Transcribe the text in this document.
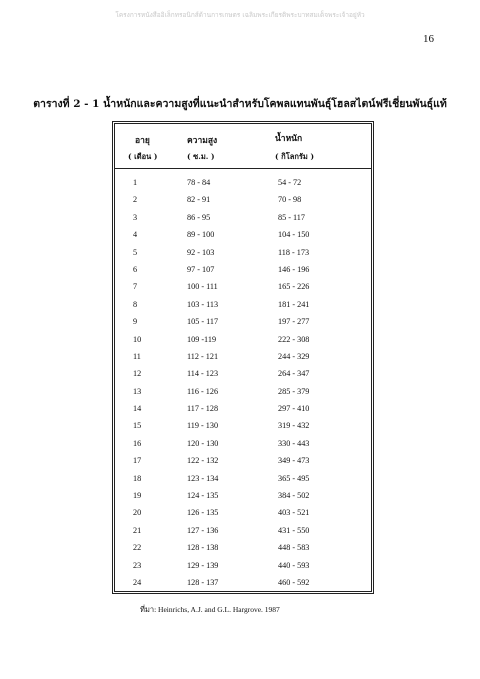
โครงการหนังสืออิเล็กทรอนิกส์ด้านการเกษตร เฉลิมพระเกียรติพระบาทสมเด็จพระเจ้าอยู่หัว
16
ตารางที่ 2 - 1 น้ำหนักและความสูงที่แนะนำสำหรับโคพลแทนพันธุ์โฮลสไตน์ฟรีเชี่ยนพันธุ์แท้
อายุ	ความสูง	น้ำหนัก
( เดือน )	( ซ.ม. )	( กิโลกรัม )
1	78 - 84	54 - 72
2	82 - 91	70 - 98
3	86 - 95	85 - 117
4	89 - 100	104 - 150
5	92 - 103	118 - 173
6	97 - 107	146 - 196
7	100 - 111	165 - 226
8	103 - 113	181 - 241
9	105 - 117	197 - 277
10	109 -119	222 - 308
11	112 - 121	244 - 329
12	114 - 123	264 - 347
13	116 - 126	285 - 379
14	117 - 128	297 - 410
15	119 - 130	319 - 432
16	120 - 130	330 - 443
17	122 - 132	349 - 473
18	123 - 134	365 - 495
19	124 - 135	384 - 502
20	126 - 135	403 - 521
21	127 - 136	431 - 550
22	128 - 138	448 - 583
23	129 - 139	440 - 593
24	128 - 137	460 - 592
ที่มา: Heinrichs, A.J. and G.L. Hargrove. 1987
